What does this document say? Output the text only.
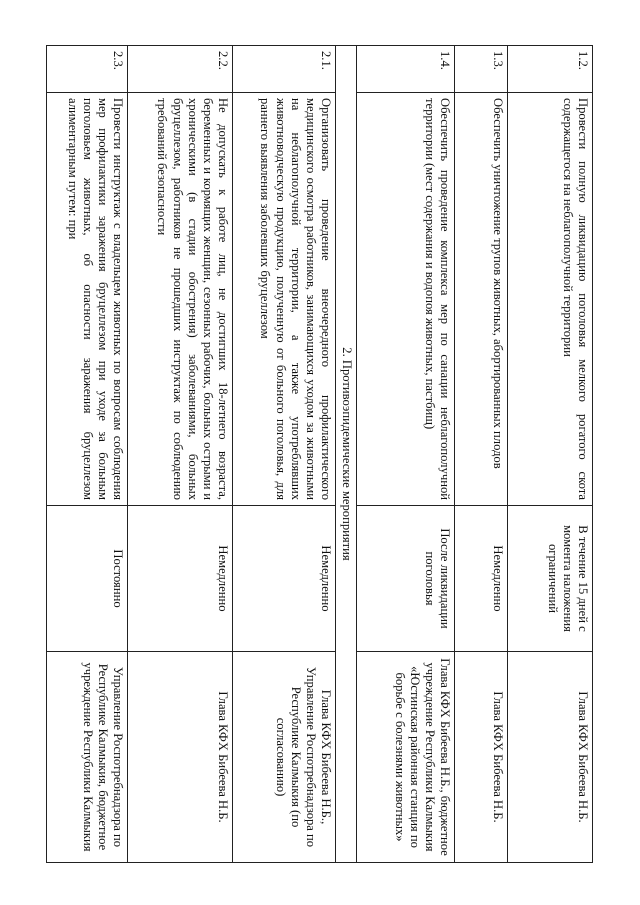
1.2.	Провести полную ликвидацию поголовья мелкого рогатого скота содержащегося на неблагополучной территории	В течение 15 дней с момента наложения ограничений	Глава КФХ Бибеева Н.Б.
1.3.	Обеспечить уничтожение трупов животных, абортированных плодов	Немедленно	Глава КФХ Бибеева Н.Б.
1.4.	Обеспечить проведение комплекса мер по санации неблагополучной территории (мест содержания и водопоя животных, пастбищ)	После ликвидации поголовья	Глава КФХ Бибеева Н.Б., бюджетное учреждение Республики Калмыкия «Юстинская районная станция по борьбе с болезнями животных»
2. Противоэпидемические мероприятия			
2.1.	Организовать проведение внеочередного профилактического медицинского осмотра работников, занимающихся уходом за животными на неблагополучной территории, а также употреблявших животноводческую продукцию, полученную от больного поголовья, для раннего выявления заболевших бруцеллезом	Немедленно	Глава КФХ Бибеева Н.Б., Управление Роспотребнадзора по Республике Калмыкия (по согласованию)
2.2.	Не допускать к работе лиц, не достигших 18-летнего возраста, беременных и кормящих женщин, сезонных рабочих, больных острыми и хроническими (в стадии обострения) заболеваниями, больных бруцеллезом, работников не прошедших инструктаж по соблюдению требований безопасности	Немедленно	Глава КФХ Бибеева Н.Б.
2.3.	Провести инструктаж с владельцем животных по вопросам соблюдения мер профилактики заражения бруцеллезом при уходе за больным поголовьем животных, об опасности заражения бруцеллезом алиментарным путем: при	Постоянно	Управление Роспотребнадзора по Республике Калмыкия, бюджетное учреждение Республики Калмыкия
